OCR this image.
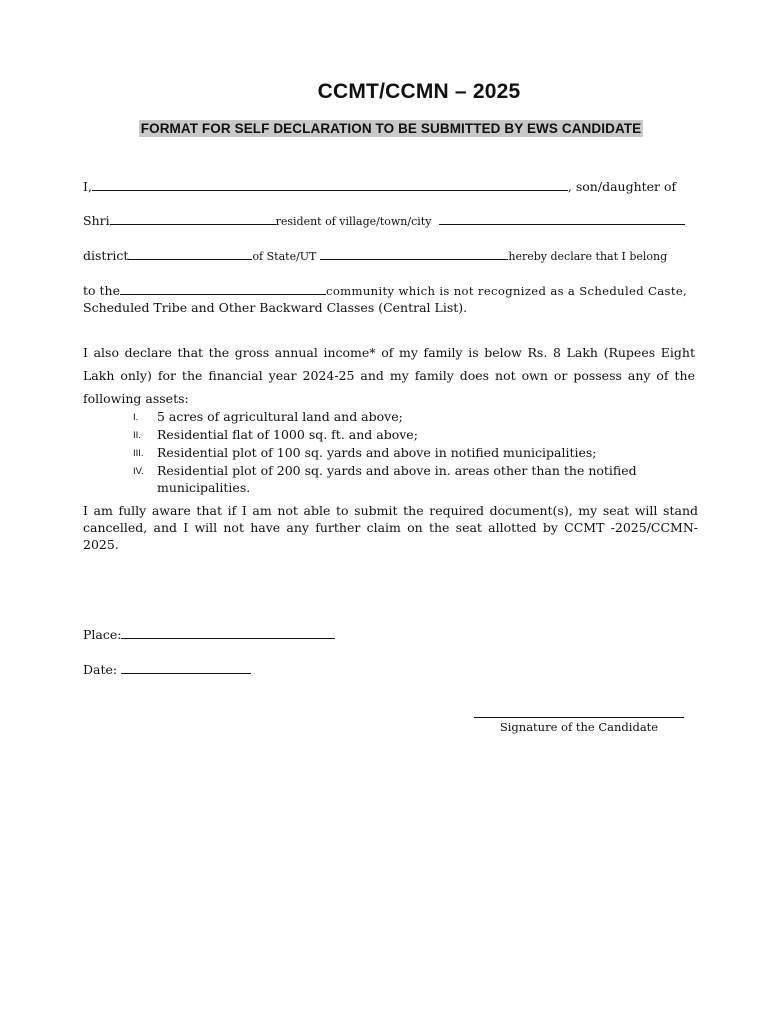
CCMT/CCMN – 2025
FORMAT FOR SELF DECLARATION TO BE SUBMITTED BY EWS CANDIDATE
I,	, son/daughter of
Shri	resident of village/town/city
district	of State/UT	hereby declare that I belong
to the	community which is not recognized as a Scheduled Caste,
Scheduled Tribe and Other Backward Classes (Central List).
I also declare that the gross annual income* of my family is below Rs. 8 Lakh (Rupees Eight Lakh only) for the financial year 2024-25 and my family does not own or possess any of the following assets:
I.	5 acres of agricultural land and above;
II.	Residential flat of 1000 sq. ft. and above;
III.	Residential plot of 100 sq. yards and above in notified municipalities;
IV.	Residential plot of 200 sq. yards and above in. areas other than the notified municipalities.
I am fully aware that if I am not able to submit the required document(s), my seat will stand cancelled, and I will not have any further claim on the seat allotted by CCMT -2025/CCMN-2025.
Place:
Date:
Signature of the Candidate
